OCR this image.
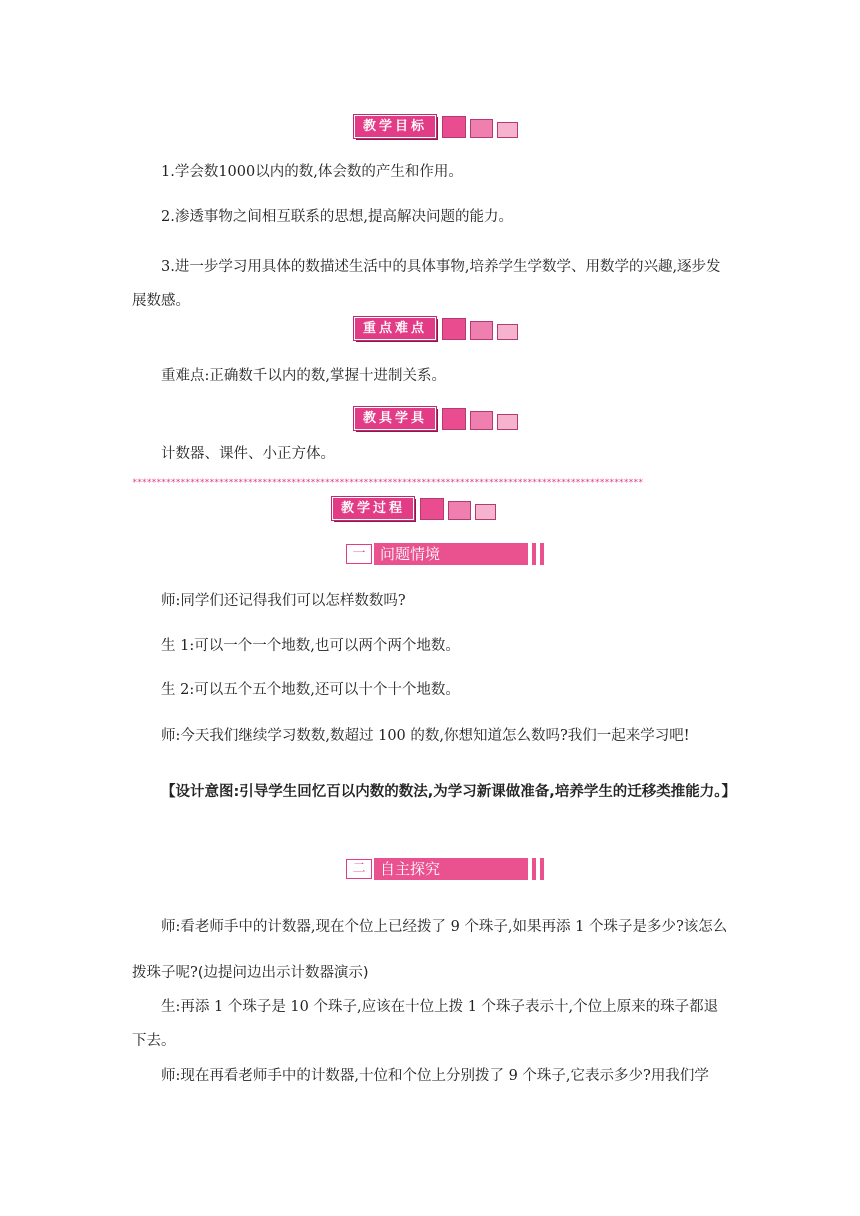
教学目标

1.学会数1000以内的数,体会数的产生和作用。

2.渗透事物之间相互联系的思想,提高解决问题的能力。

3.进一步学习用具体的数描述生活中的具体事物,培养学生学数学、用数学的兴趣,逐步发展数感。

重点难点

重难点:正确数千以内的数,掌握十进制关系。

教具学具

计数器、课件、小正方体。

**********************************************************************************************************
教学过程
一 问题情境

师:同学们还记得我们可以怎样数数吗?

生 1:可以一个一个地数,也可以两个两个地数。

生 2:可以五个五个地数,还可以十个十个地数。

师:今天我们继续学习数数,数超过 100 的数,你想知道怎么数吗?我们一起来学习吧!

【设计意图:引导学生回忆百以内数的数法,为学习新课做准备,培养学生的迁移类推能力。】

二 自主探究

师:看老师手中的计数器,现在个位上已经拨了 9 个珠子,如果再添 1 个珠子是多少?该怎么拨珠子呢?(边提问边出示计数器演示)

生:再添 1 个珠子是 10 个珠子,应该在十位上拨 1 个珠子表示十,个位上原来的珠子都退下去。

师:现在再看老师手中的计数器,十位和个位上分别拨了 9 个珠子,它表示多少?用我们学
